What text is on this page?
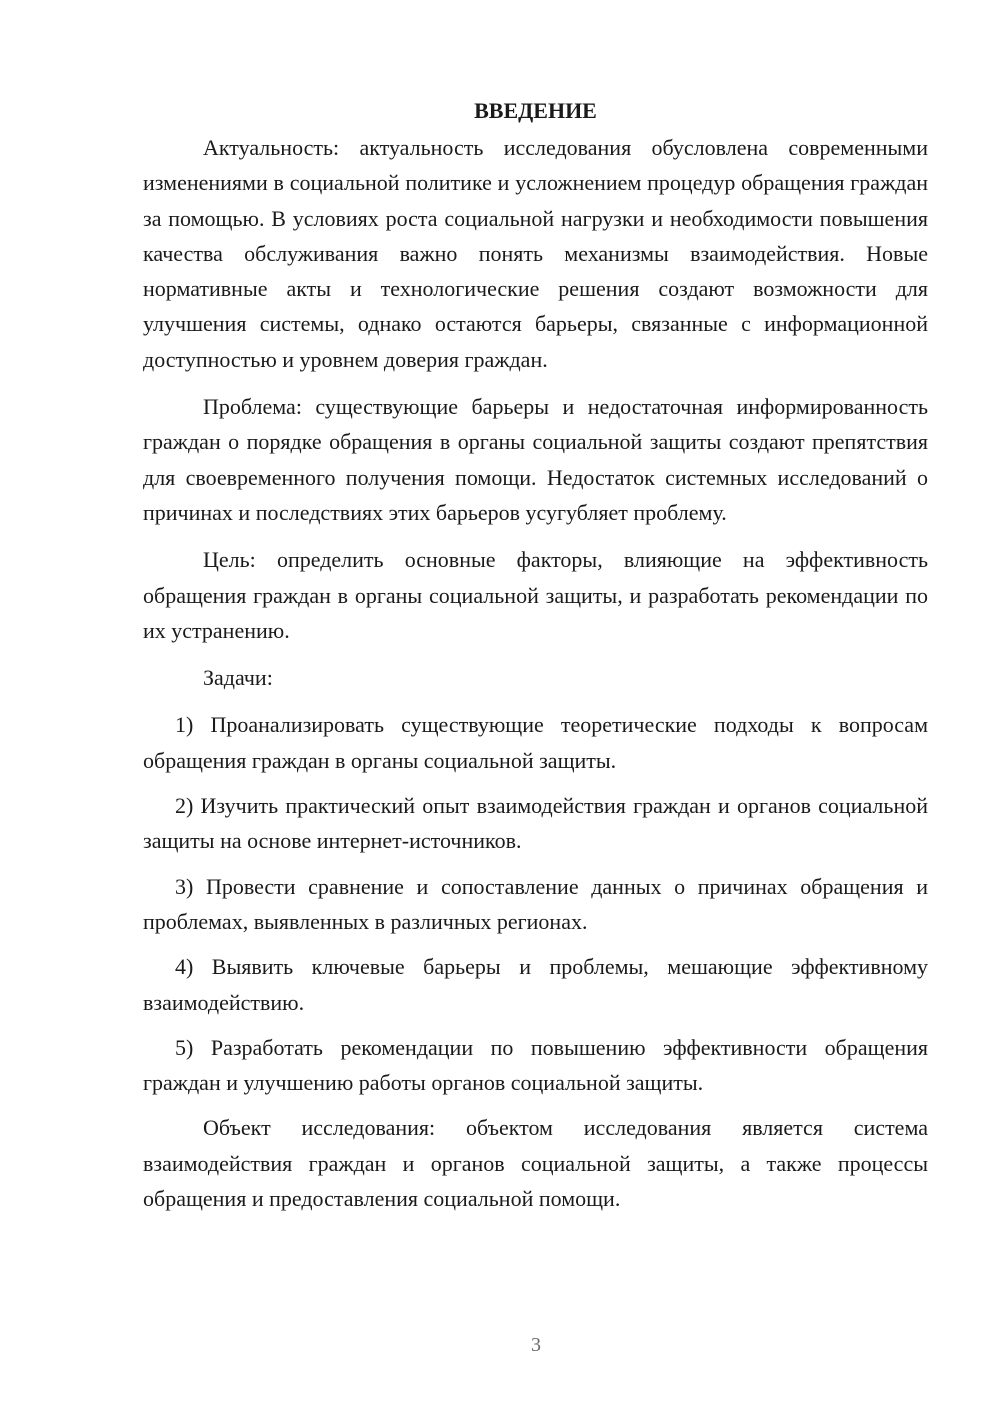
ВВЕДЕНИЕ

Актуальность: актуальность исследования обусловлена современными изменениями в социальной политике и усложнением процедур обращения граждан за помощью. В условиях роста социальной нагрузки и необходимости повышения качества обслуживания важно понять механизмы взаимодействия. Новые нормативные акты и технологические решения создают возможности для улучшения системы, однако остаются барьеры, связанные с информационной доступностью и уровнем доверия граждан.

Проблема: существующие барьеры и недостаточная информированность граждан о порядке обращения в органы социальной защиты создают препятствия для своевременного получения помощи. Недостаток системных исследований о причинах и последствиях этих барьеров усугубляет проблему.

Цель: определить основные факторы, влияющие на эффективность обращения граждан в органы социальной защиты, и разработать рекомендации по их устранению.

Задачи:

1) Проанализировать существующие теоретические подходы к вопросам обращения граждан в органы социальной защиты.

2) Изучить практический опыт взаимодействия граждан и органов социальной защиты на основе интернет-источников.

3) Провести сравнение и сопоставление данных о причинах обращения и проблемах, выявленных в различных регионах.

4) Выявить ключевые барьеры и проблемы, мешающие эффективному взаимодействию.

5) Разработать рекомендации по повышению эффективности обращения граждан и улучшению работы органов социальной защиты.

Объект исследования: объектом исследования является система взаимодействия граждан и органов социальной защиты, а также процессы обращения и предоставления социальной помощи.

3
